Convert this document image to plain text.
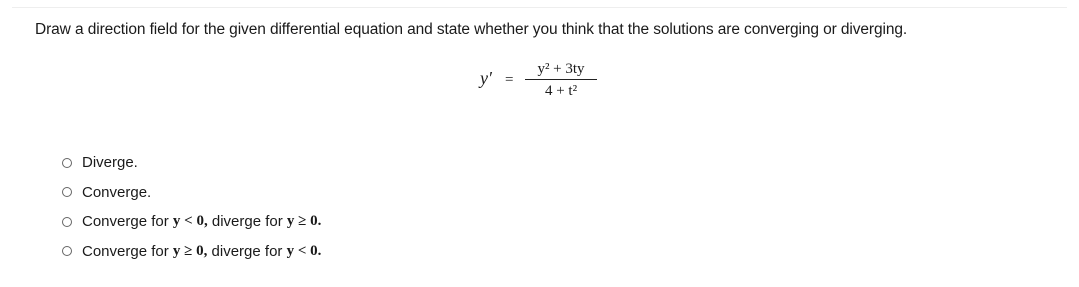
Draw a direction field for the given differential equation and state whether you think that the solutions are converging or diverging.
y′ =
y² + 3ty
4 + t²
Diverge.
Converge.
Converge for y < 0, diverge for y ≥ 0.
Converge for y ≥ 0, diverge for y < 0.
